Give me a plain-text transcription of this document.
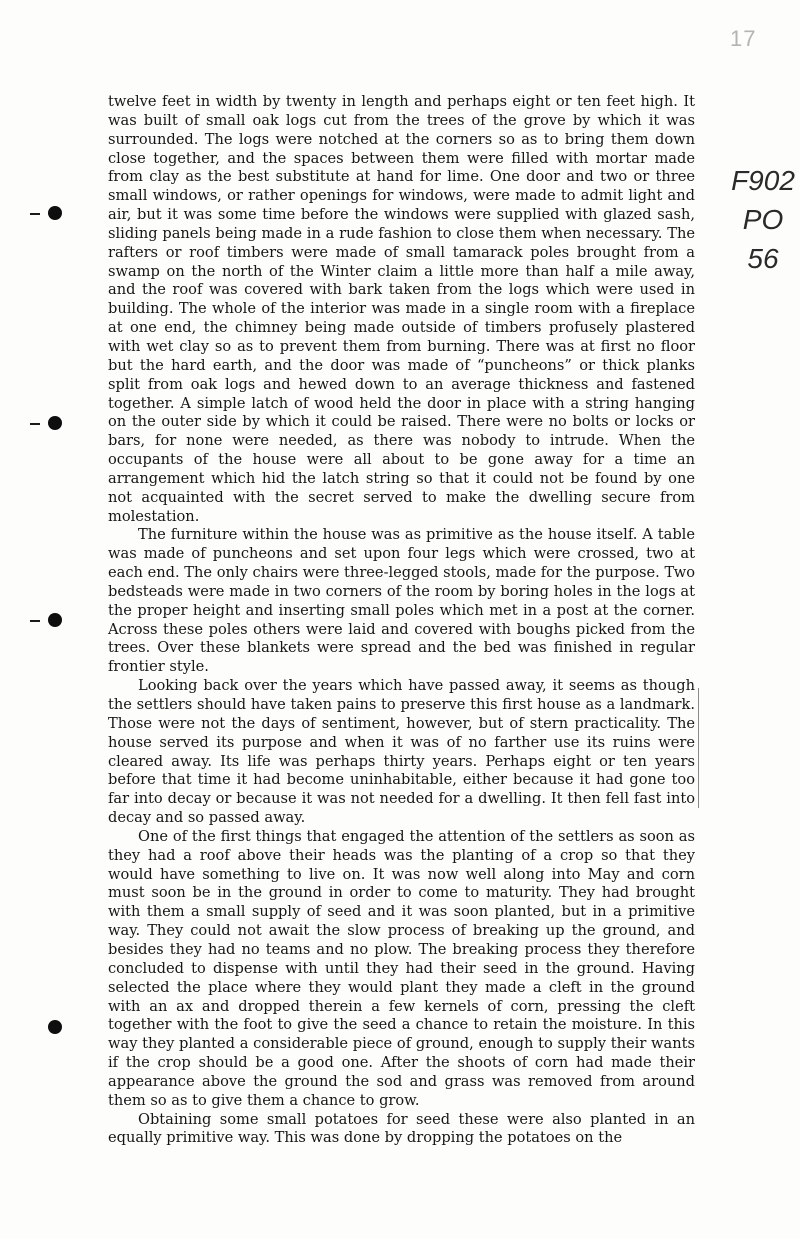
17
F902
PO
56

twelve feet in width by twenty in length and perhaps eight or ten feet high. It was built of small oak logs cut from the trees of the grove by which it was surrounded. The logs were notched at the corners so as to bring them down close together, and the spaces between them were filled with mortar made from clay as the best substitute at hand for lime. One door and two or three small windows, or rather openings for windows, were made to admit light and air, but it was some time before the windows were supplied with glazed sash, sliding panels being made in a rude fashion to close them when necessary. The rafters or roof timbers were made of small tamarack poles brought from a swamp on the north of the Winter claim a little more than half a mile away, and the roof was covered with bark taken from the logs which were used in building. The whole of the interior was made in a single room with a fireplace at one end, the chimney being made outside of timbers profusely plastered with wet clay so as to prevent them from burning. There was at first no floor but the hard earth, and the door was made of “puncheons” or thick planks split from oak logs and hewed down to an average thickness and fastened together. A simple latch of wood held the door in place with a string hanging on the outer side by which it could be raised. There were no bolts or locks or bars, for none were needed, as there was nobody to intrude. When the occupants of the house were all about to be gone away for a time an arrangement which hid the latch string so that it could not be found by one not acquainted with the secret served to make the dwelling secure from molestation.

The furniture within the house was as primitive as the house itself. A table was made of puncheons and set upon four legs which were crossed, two at each end. The only chairs were three-legged stools, made for the purpose. Two bedsteads were made in two corners of the room by boring holes in the logs at the proper height and inserting small poles which met in a post at the corner. Across these poles others were laid and covered with boughs picked from the trees. Over these blankets were spread and the bed was finished in regular frontier style.

Looking back over the years which have passed away, it seems as though the settlers should have taken pains to preserve this first house as a landmark. Those were not the days of sentiment, however, but of stern practicality. The house served its purpose and when it was of no farther use its ruins were cleared away. Its life was perhaps thirty years. Perhaps eight or ten years before that time it had become uninhabitable, either because it had gone too far into decay or because it was not needed for a dwelling. It then fell fast into decay and so passed away.

One of the first things that engaged the attention of the settlers as soon as they had a roof above their heads was the planting of a crop so that they would have something to live on. It was now well along into May and corn must soon be in the ground in order to come to maturity. They had brought with them a small supply of seed and it was soon planted, but in a primitive way. They could not await the slow process of breaking up the ground, and besides they had no teams and no plow. The breaking process they therefore concluded to dispense with until they had their seed in the ground. Having selected the place where they would plant they made a cleft in the ground with an ax and dropped therein a few kernels of corn, pressing the cleft together with the foot to give the seed a chance to retain the moisture. In this way they planted a considerable piece of ground, enough to supply their wants if the crop should be a good one. After the shoots of corn had made their appearance above the ground the sod and grass was removed from around them so as to give them a chance to grow.

Obtaining some small potatoes for seed these were also planted in an equally primitive way. This was done by dropping the potatoes on the
